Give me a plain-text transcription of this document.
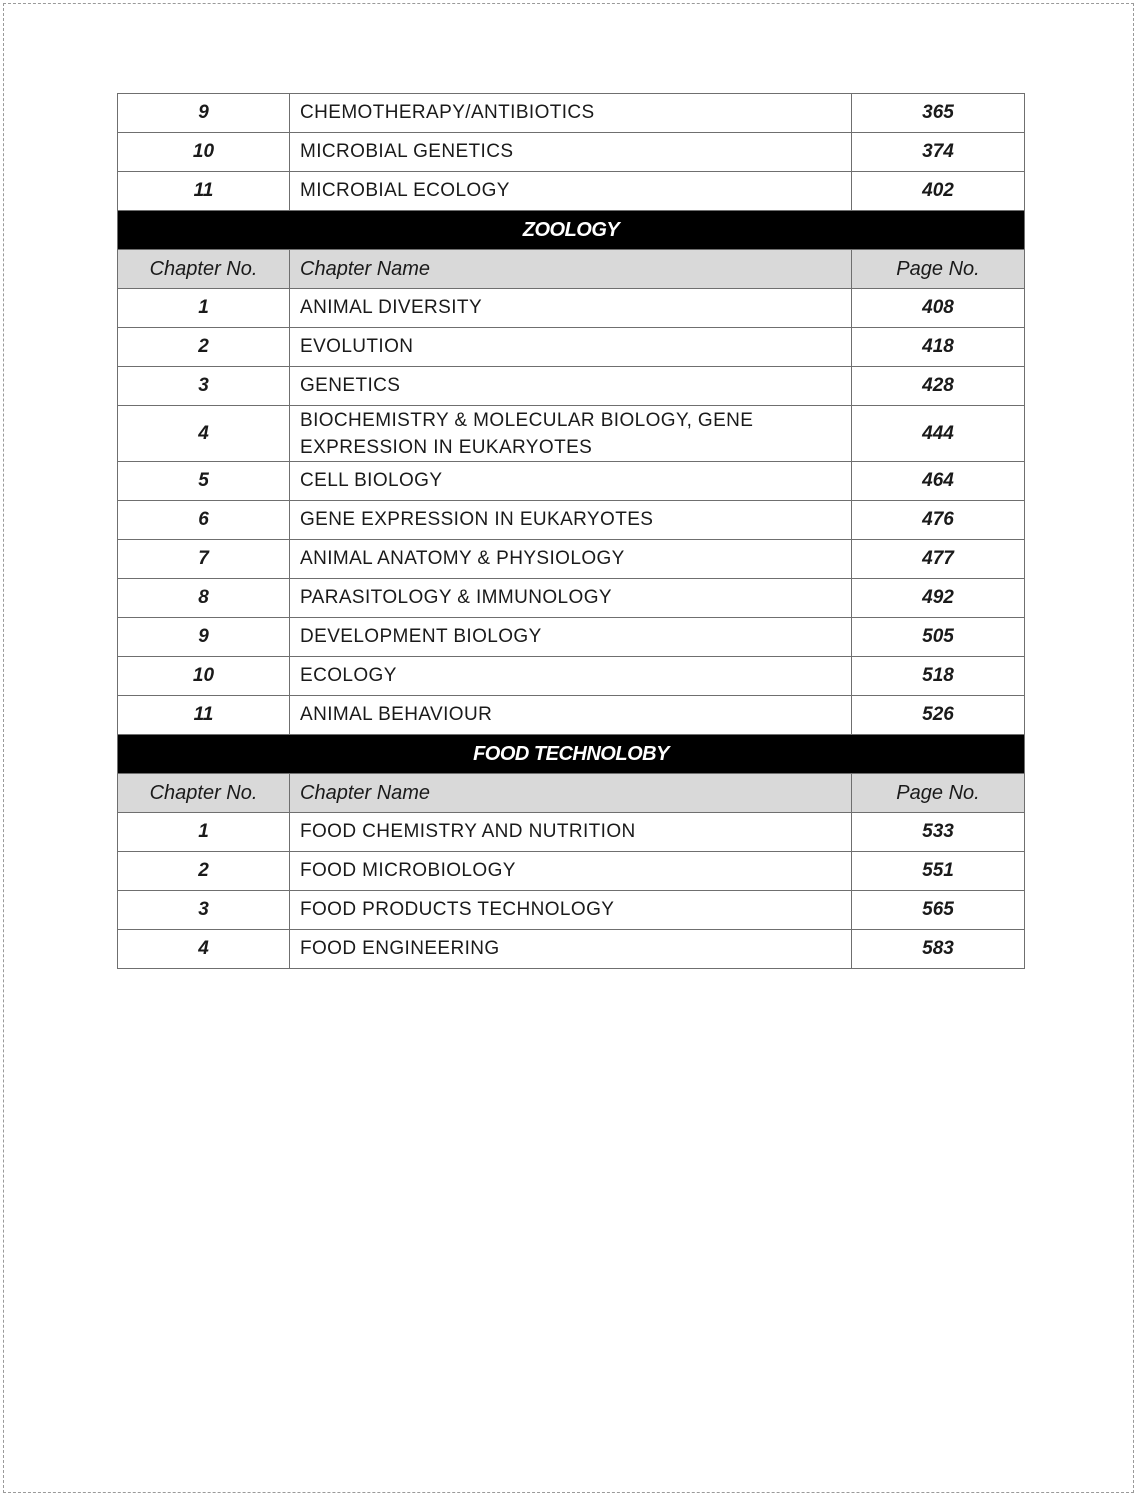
9	CHEMOTHERAPY/ANTIBIOTICS	365
10	MICROBIAL GENETICS	374
11	MICROBIAL ECOLOGY	402
ZOOLOGY		
Chapter No.	Chapter Name	Page No.
1	ANIMAL DIVERSITY	408
2	EVOLUTION	418
3	GENETICS	428
4	BIOCHEMISTRY & MOLECULAR BIOLOGY, GENE EXPRESSION IN EUKARYOTES	444
5	CELL BIOLOGY	464
6	GENE EXPRESSION IN EUKARYOTES	476
7	ANIMAL ANATOMY & PHYSIOLOGY	477
8	PARASITOLOGY & IMMUNOLOGY	492
9	DEVELOPMENT BIOLOGY	505
10	ECOLOGY	518
11	ANIMAL BEHAVIOUR	526
FOOD TECHNOLOBY		
Chapter No.	Chapter Name	Page No.
1	FOOD CHEMISTRY AND NUTRITION	533
2	FOOD MICROBIOLOGY	551
3	FOOD PRODUCTS TECHNOLOGY	565
4	FOOD ENGINEERING	583
